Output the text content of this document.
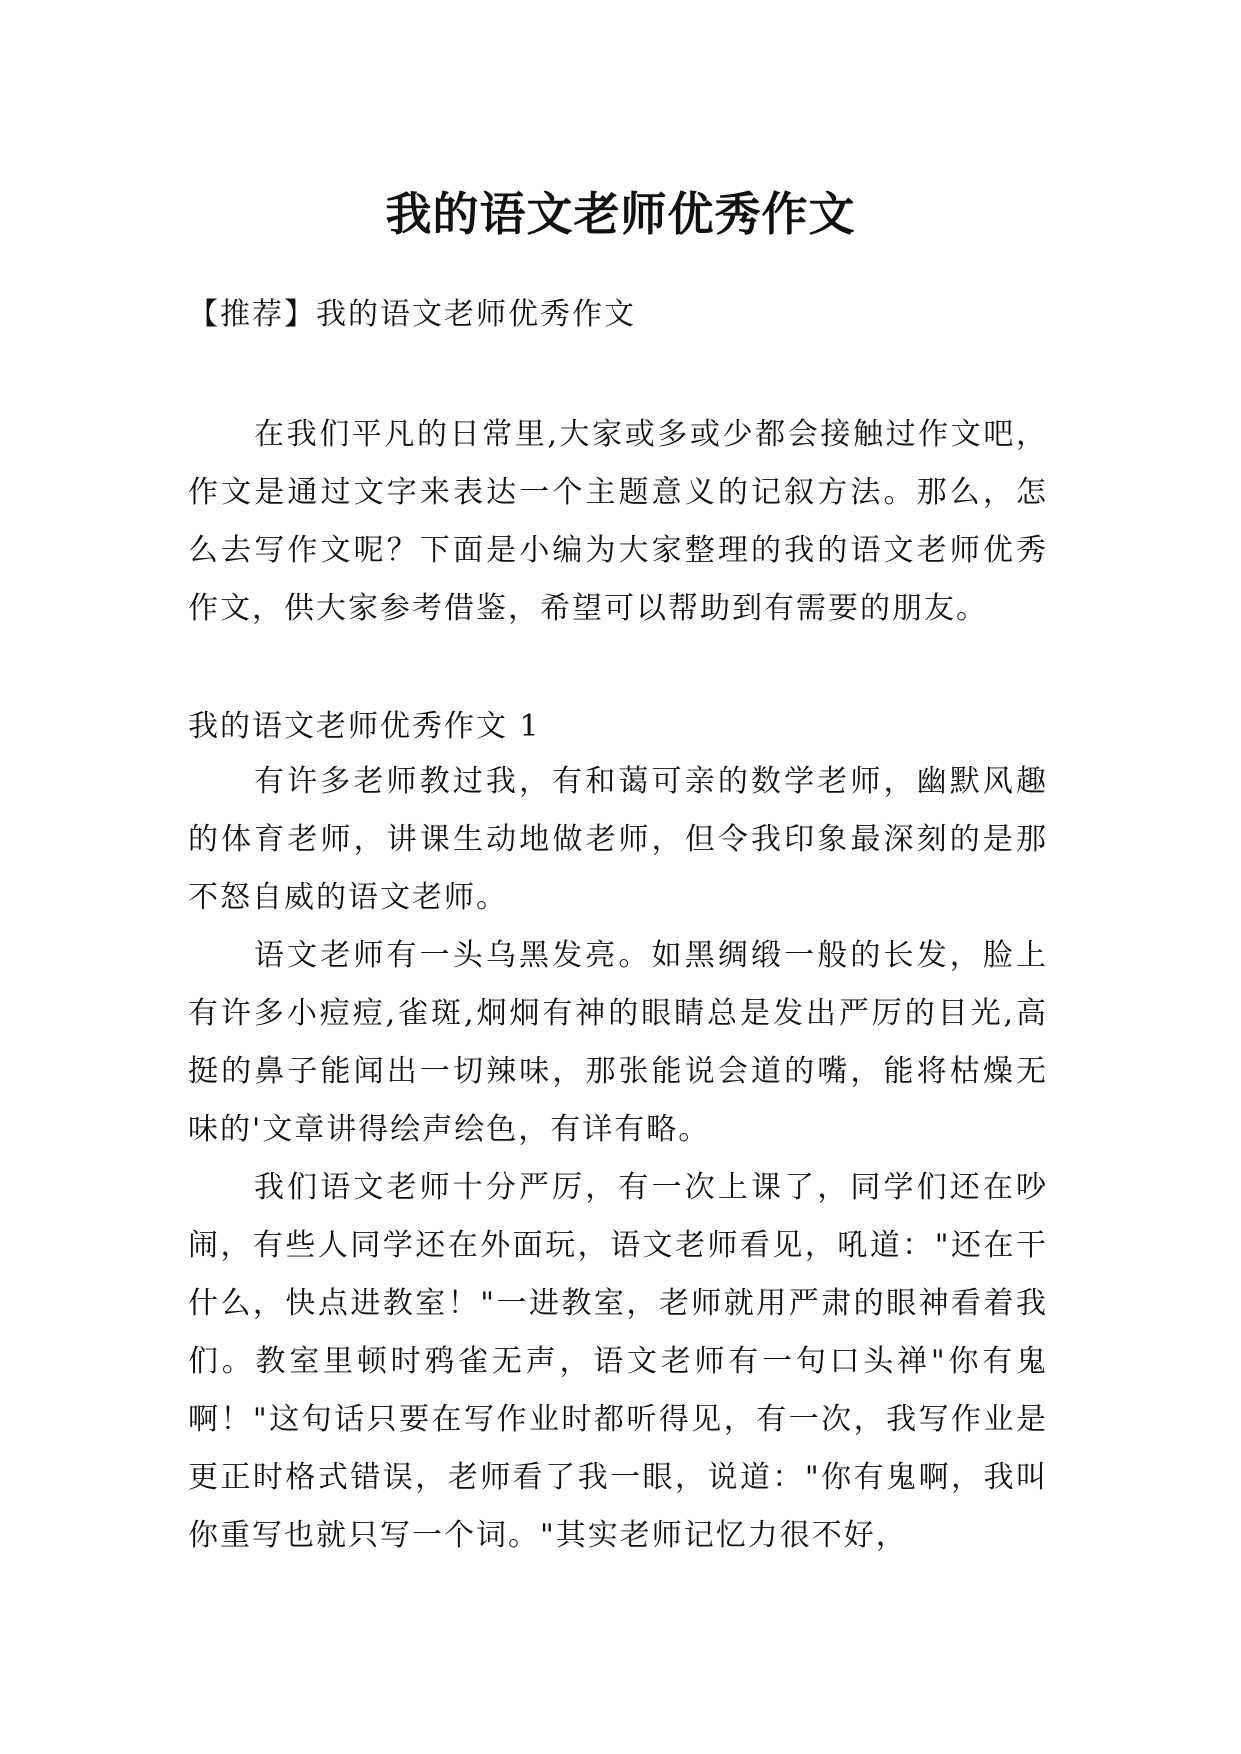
我的语文老师优秀作文
【推荐】我的语文老师优秀作文

在我们平凡的日常里,大家或多或少都会接触过作文吧，作文是通过文字来表达一个主题意义的记叙方法。那么，怎么去写作文呢？下面是小编为大家整理的我的语文老师优秀作文，供大家参考借鉴，希望可以帮助到有需要的朋友。

我的语文老师优秀作文 1

有许多老师教过我，有和蔼可亲的数学老师，幽默风趣的体育老师，讲课生动地做老师，但令我印象最深刻的是那不怒自威的语文老师。

语文老师有一头乌黑发亮。如黑绸缎一般的长发，脸上有许多小痘痘,雀斑,炯炯有神的眼睛总是发出严厉的目光,高挺的鼻子能闻出一切辣味，那张能说会道的嘴，能将枯燥无味的'文章讲得绘声绘色，有详有略。

我们语文老师十分严厉，有一次上课了，同学们还在吵闹，有些人同学还在外面玩，语文老师看见，吼道："还在干什么，快点进教室！"一进教室，老师就用严肃的眼神看着我们。教室里顿时鸦雀无声，语文老师有一句口头禅"你有鬼啊！"这句话只要在写作业时都听得见，有一次，我写作业是更正时格式错误，老师看了我一眼，说道："你有鬼啊，我叫你重写也就只写一个词。"其实老师记忆力很不好，
